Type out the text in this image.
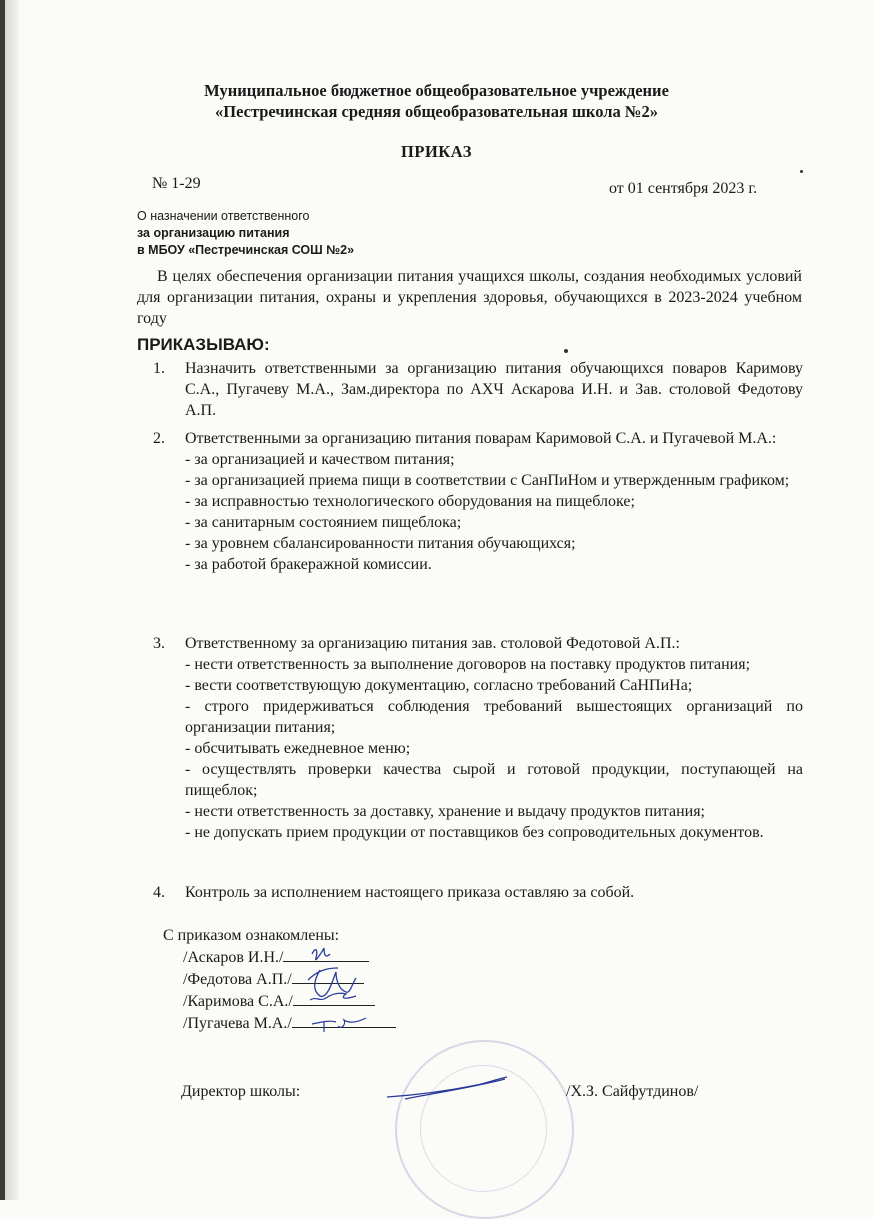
Муниципальное бюджетное общеобразовательное учреждение
«Пестречинская средняя общеобразовательная школа №2»
ПРИКАЗ
№ 1-29	от 01 сентября 2023 г.
О назначении ответственного
за организацию питания
в МБОУ «Пестречинская СОШ №2»

В целях обеспечения организации питания учащихся школы, создания необходимых условий для организации питания, охраны и укрепления здоровья, обучающихся в 2023-2024 учебном году

ПРИКАЗЫВАЮ:
1. Назначить ответственными за организацию питания обучающихся поваров Каримову С.А., Пугачеву М.А., Зам.директора по АХЧ Аскарова И.Н. и Зав. столовой Федотову А.П.
2. Ответственными за организацию питания поварам Каримовой С.А. и Пугачевой М.А.:
- за организацией и качеством питания;
- за организацией приема пищи в соответствии с СанПиНом и утвержденным графиком;
- за исправностью технологического оборудования на пищеблоке;
- за санитарным состоянием пищеблока;
- за уровнем сбалансированности питания обучающихся;
- за работой бракеражной комиссии.
3. Ответственному за организацию питания зав. столовой Федотовой А.П.:
- нести ответственность за выполнение договоров на поставку продуктов питания;
- вести соответствующую документацию, согласно требований СаНПиНа;
- строго придерживаться соблюдения требований вышестоящих организаций по организации питания;
- обсчитывать ежедневное меню;
- осуществлять проверки качества сырой и готовой продукции, поступающей на пищеблок;
- нести ответственность за доставку, хранение и выдачу продуктов питания;
- не допускать прием продукции от поставщиков без сопроводительных документов.
4. Контроль за исполнением настоящего приказа оставляю за собой.
С приказом ознакомлены:
/Аскаров И.Н./
/Федотова А.П./
/Каримова С.А./
/Пугачева М.А./
Директор школы:	/Х.З. Сайфутдинов/
